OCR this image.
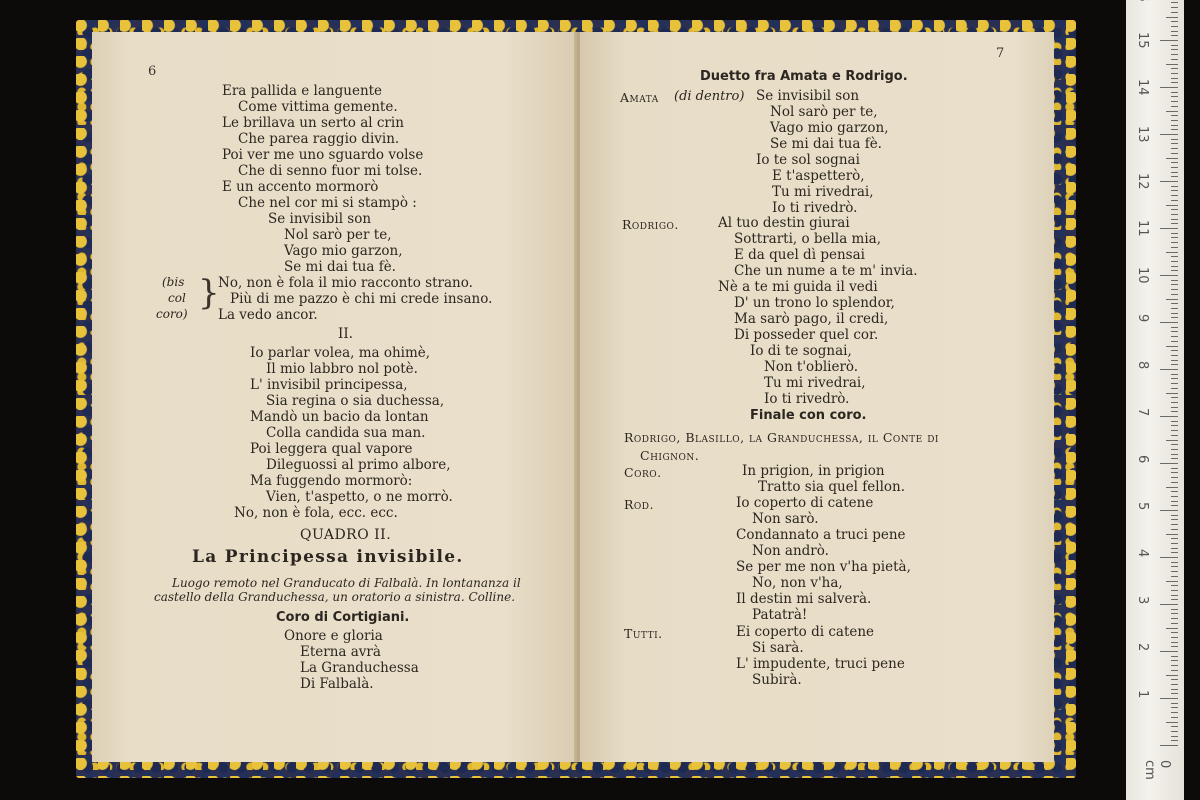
6
Era pallida e languente
Come vittima gemente.
Le brillava un serto al crin
Che parea raggio divin.
Poi ver me uno sguardo volse
Che di senno fuor mi tolse.
E un accento mormorò
Che nel cor mi si stampò :
Se invisibil son
Nol sarò per te,
Vago mio garzon,
Se mi dai tua fè.
(bis
col
coro)
}
No, non è fola il mio racconto strano.
Più di me pazzo è chi mi crede insano.
La vedo ancor.
II.
Io parlar volea, ma ohimè,
Il mio labbro nol potè.
L' invisibil principessa,
Sia regina o sia duchessa,
Mandò un bacio da lontan
Colla candida sua man.
Poi leggera qual vapore
Dileguossi al primo albore,
Ma fuggendo mormorò:
Vien, t'aspetto, o ne morrò.
No, non è fola, ecc. ecc.
QUADRO II.
La Principessa invisibile.
Luogo remoto nel Granducato di Falbalà. In lontananza il
castello della Granduchessa, un oratorio a sinistra. Colline.
Coro di Cortigiani.
Onore e gloria
Eterna avrà
La Granduchessa
Di Falbalà.
7
Duetto fra Amata e Rodrigo.
Amata (di dentro) Se invisibil son
Nol sarò per te,
Vago mio garzon,
Se mi dai tua fè.
Io te sol sognai
E t'aspetterò,
Tu mi rivedrai,
Io ti rivedrò.
Rodrigo.	Al tuo destin giurai
Sottrarti, o bella mia,
E da quel dì pensai
Che un nume a te m' invia.
Nè a te mi guida il vedi
D' un trono lo splendor,
Ma sarò pago, il credi,
Di posseder quel cor.
Io di te sognai,
Non t'oblierò.
Tu mi rivedrai,
Io ti rivedrò.
Finale con coro.
Rodrigo, Blasillo, la Granduchessa, il Conte di
Chignon.
Coro.	In prigion, in prigion
Tratto sia quel fellon.
Rod.	Io coperto di catene
Non sarò.
Condannato a truci pene
Non andrò.
Se per me non v'ha pietà,
No, non v'ha,
Il destin mi salverà.
Patatrà!
Tutti.	Ei coperto di catene
Si sarà.
L' impudente, truci pene
Subirà.
0 cm
1
2
3
4
5
6
7
8
9
10
11
12
13
14
15
